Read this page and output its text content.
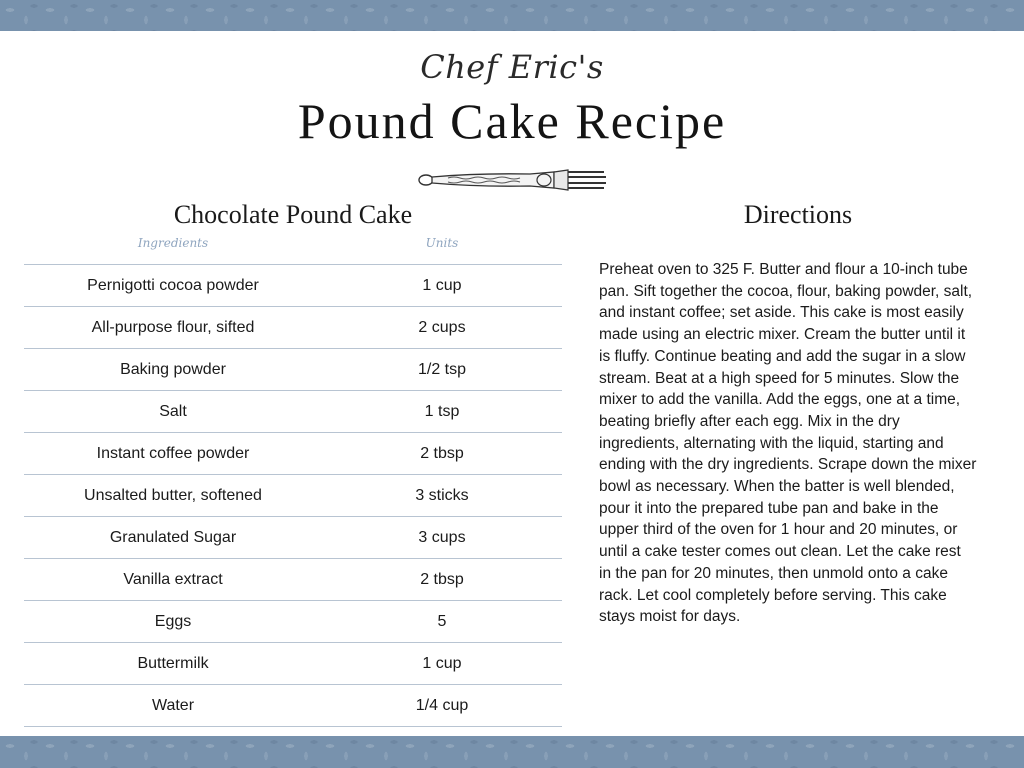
Chef Eric's
Pound Cake Recipe
Chocolate Pound Cake	Directions
Ingredients	Units
Pernigotti cocoa powder	1 cup
All-purpose flour, sifted	2 cups
Baking powder	1/2 tsp
Salt	1 tsp
Instant coffee powder	2 tbsp
Unsalted butter, softened	3 sticks
Granulated Sugar	3 cups
Vanilla extract	2 tbsp
Eggs	5
Buttermilk	1 cup
Water	1/4 cup
Preheat oven to 325 F. Butter and flour a 10-inch tube pan. Sift together the cocoa, flour, baking powder, salt, and instant coffee; set aside. This cake is most easily made using an electric mixer. Cream the butter until it is fluffy. Continue beating and add the sugar in a slow stream. Beat at a high speed for 5 minutes. Slow the mixer to add the vanilla. Add the eggs, one at a time, beating briefly after each egg. Mix in the dry ingredients, alternating with the liquid, starting and ending with the dry ingredients. Scrape down the mixer bowl as necessary. When the batter is well blended, pour it into the prepared tube pan and bake in the upper third of the oven for 1 hour and 20 minutes, or until a cake tester comes out clean. Let the cake rest in the pan for 20 minutes, then unmold onto a cake rack. Let cool completely before serving. This cake stays moist for days.
